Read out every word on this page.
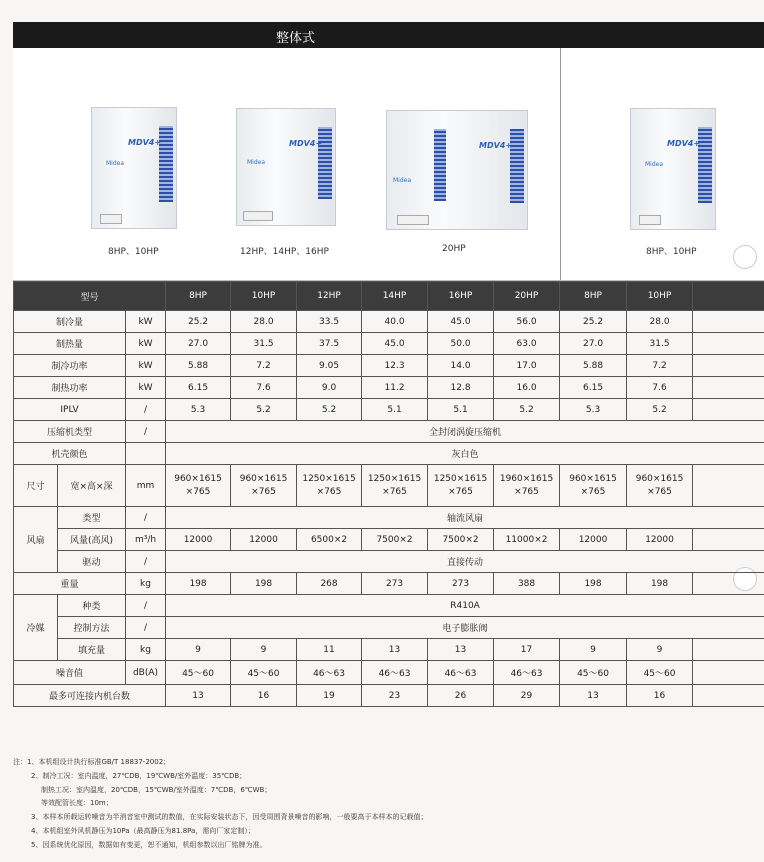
整体式
MDV4+
Midea
8HP、10HP
MDV4+
Midea
12HP、14HP、16HP
MDV4+
Midea
20HP
MDV4+
Midea
8HP、10HP
型号			8HP	10HP	12HP	14HP	16HP	20HP	8HP	10HP	
制冷量		kW	25.2	28.0	33.5	40.0	45.0	56.0	25.2	28.0	
制热量		kW	27.0	31.5	37.5	45.0	50.0	63.0	27.0	31.5	
制冷功率		kW	5.88	7.2	9.05	12.3	14.0	17.0	5.88	7.2	
制热功率		kW	6.15	7.6	9.0	11.2	12.8	16.0	6.15	7.6	
IPLV		/	5.3	5.2	5.2	5.1	5.1	5.2	5.3	5.2	
压缩机类型		/	全封闭涡旋压缩机								
机壳颜色			灰白色								
尺寸	宽×高×深	mm	960×1615 ×765	960×1615 ×765	1250×1615 ×765	1250×1615 ×765	1250×1615 ×765	1960×1615 ×765	960×1615 ×765	960×1615 ×765	
风扇	类型	/	轴流风扇								
	风量(高风)	m³/h	12000	12000	6500×2	7500×2	7500×2	11000×2	12000	12000	
	驱动	/	直接传动								
重量		kg	198	198	268	273	273	388	198	198	
冷媒	种类	/	R410A								
	控制方法	/	电子膨胀阀								
	填充量	kg	9	9	11	13	13	17	9	9	
噪音值		dB(A)	45～60	45～60	46～63	46～63	46～63	46～63	45～60	45～60	
最多可连接内机台数			13	16	19	23	26	29	13	16	
注：1、本机组设计执行标准GB/T 18837-2002；
2、制冷工况：室内温度，27℃DB，19℃WB/室外温度：35℃DB；
制热工况：室内温度，20℃DB，15℃WB/室外温度：7℃DB，6℃WB；
等效配管长度：10m；
3、本样本所载运转噪音为半消音室中测试的数值，在实际安装状态下，因受周围背景噪音的影响，一般要高于本样本的记载值；
4、本机组室外风机静压为10Pa（最高静压为81.8Pa，需向厂家定制）；
5、因系统优化原因，数据如有变更，恕不通知，机组参数以出厂铭牌为准。
